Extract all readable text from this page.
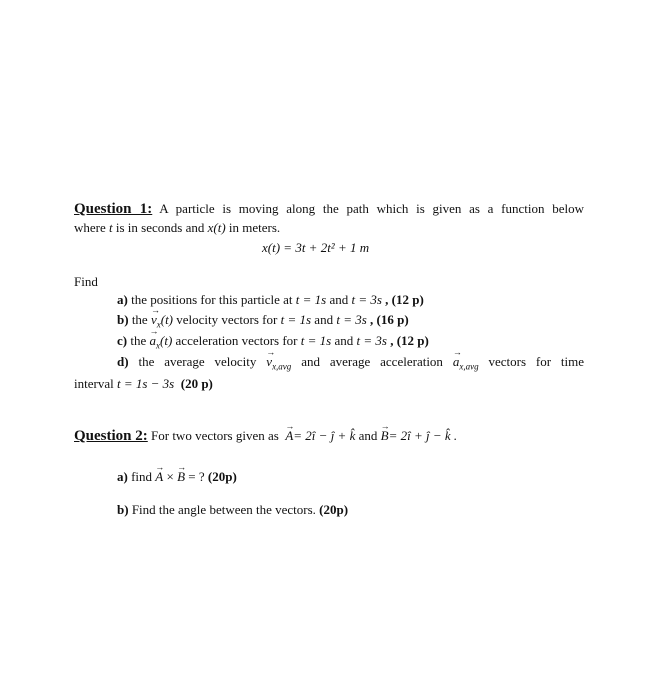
Question 1: A particle is moving along the path which is given as a function below
where t is in seconds and x(t) in meters.
x(t) = 3t + 2t² + 1 m
Find
a) the positions for this particle at t = 1s and t = 3s , (12 p)
b) the → $v_x(t)$ velocity vectors for t = 1s and t = 3s , (16 p)
c) the → $a_x(t)$ acceleration vectors for t = 1s and t = 3s , (12 p)
d) the average velocity → $v_{x,avg}$ and average acceleration → $a_{x,avg}$ vectors for time
interval t = 1s − 3s (20 p)
Question 2: For two vectors given as → A= 2î − ĵ + k̂ and → B= 2î + ĵ − k̂ .
a) find → A × → B = ? (20p)
b) Find the angle between the vectors. (20p)
